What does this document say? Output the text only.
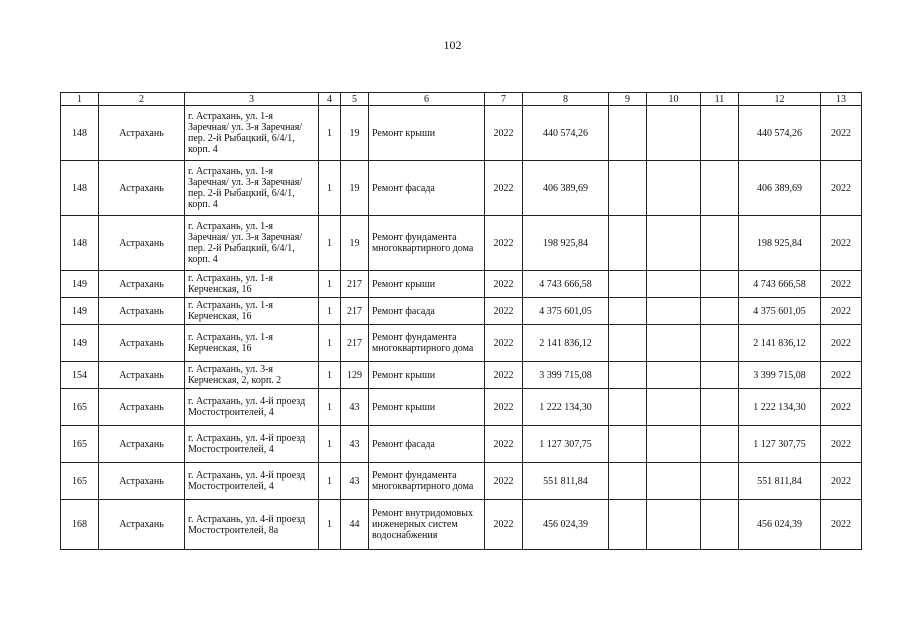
102
1	2	3	4	5	6	7	8	9	10	11	12	13
148	Астрахань	г. Астрахань, ул. 1-я Заречная/ ул. 3-я Заречная/ пер. 2-й Рыбацкий, 6/4/1, корп. 4	1	19	Ремонт крыши	2022	440 574,26				440 574,26	2022
148	Астрахань	г. Астрахань, ул. 1-я Заречная/ ул. 3-я Заречная/ пер. 2-й Рыбацкий, 6/4/1, корп. 4	1	19	Ремонт фасада	2022	406 389,69				406 389,69	2022
148	Астрахань	г. Астрахань, ул. 1-я Заречная/ ул. 3-я Заречная/ пер. 2-й Рыбацкий, 6/4/1, корп. 4	1	19	Ремонт фундамента многоквартирного дома	2022	198 925,84				198 925,84	2022
149	Астрахань	г. Астрахань, ул. 1-я Керченская, 16	1	217	Ремонт крыши	2022	4 743 666,58				4 743 666,58	2022
149	Астрахань	г. Астрахань, ул. 1-я Керченская, 16	1	217	Ремонт фасада	2022	4 375 601,05				4 375 601,05	2022
149	Астрахань	г. Астрахань, ул. 1-я Керченская, 16	1	217	Ремонт фундамента многоквартирного дома	2022	2 141 836,12				2 141 836,12	2022
154	Астрахань	г. Астрахань, ул. 3-я Керченская, 2, корп. 2	1	129	Ремонт крыши	2022	3 399 715,08				3 399 715,08	2022
165	Астрахань	г. Астрахань, ул. 4-й проезд Мостостроителей, 4	1	43	Ремонт крыши	2022	1 222 134,30				1 222 134,30	2022
165	Астрахань	г. Астрахань, ул. 4-й проезд Мостостроителей, 4	1	43	Ремонт фасада	2022	1 127 307,75				1 127 307,75	2022
165	Астрахань	г. Астрахань, ул. 4-й проезд Мостостроителей, 4	1	43	Ремонт фундамента многоквартирного дома	2022	551 811,84				551 811,84	2022
168	Астрахань	г. Астрахань, ул. 4-й проезд Мостостроителей, 8а	1	44	Ремонт внутридомовых инженерных систем водоснабжения	2022	456 024,39				456 024,39	2022
